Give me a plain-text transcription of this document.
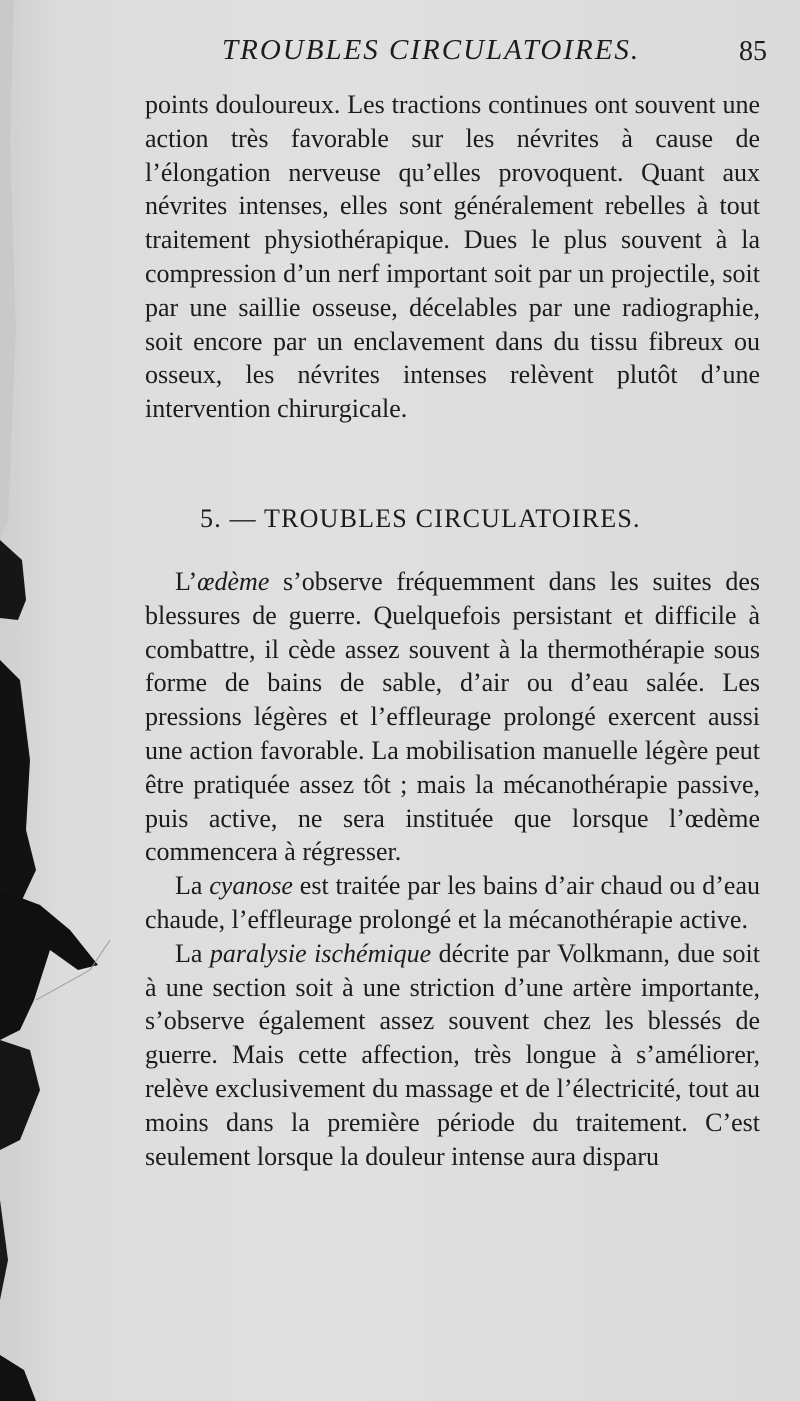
TROUBLES CIRCULATOIRES.	85

points douloureux. Les tractions continues ont souvent une action très favorable sur les névrites à cause de l’élongation nerveuse qu’elles provoquent. Quant aux névrites intenses, elles sont généralement rebelles à tout traitement physiothérapique. Dues le plus souvent à la compression d’un nerf important soit par un projectile, soit par une saillie osseuse, décelables par une radiographie, soit encore par un enclavement dans du tissu fibreux ou osseux, les névrites intenses relèvent plutôt d’une intervention chirurgicale.

5. — TROUBLES CIRCULATOIRES.

L’œdème s’observe fréquemment dans les suites des blessures de guerre. Quelquefois persistant et difficile à combattre, il cède assez souvent à la thermothérapie sous forme de bains de sable, d’air ou d’eau salée. Les pressions légères et l’effleurage prolongé exercent aussi une action favorable. La mobilisation manuelle légère peut être pratiquée assez tôt ; mais la mécanothérapie passive, puis active, ne sera instituée que lorsque l’œdème commencera à régresser.

La cyanose est traitée par les bains d’air chaud ou d’eau chaude, l’effleurage prolongé et la mécanothérapie active.

La paralysie ischémique décrite par Volkmann, due soit à une section soit à une striction d’une artère importante, s’observe également assez souvent chez les blessés de guerre. Mais cette affection, très longue à s’améliorer, relève exclusivement du massage et de l’électricité, tout au moins dans la première période du traitement. C’est seulement lorsque la douleur intense aura disparu
